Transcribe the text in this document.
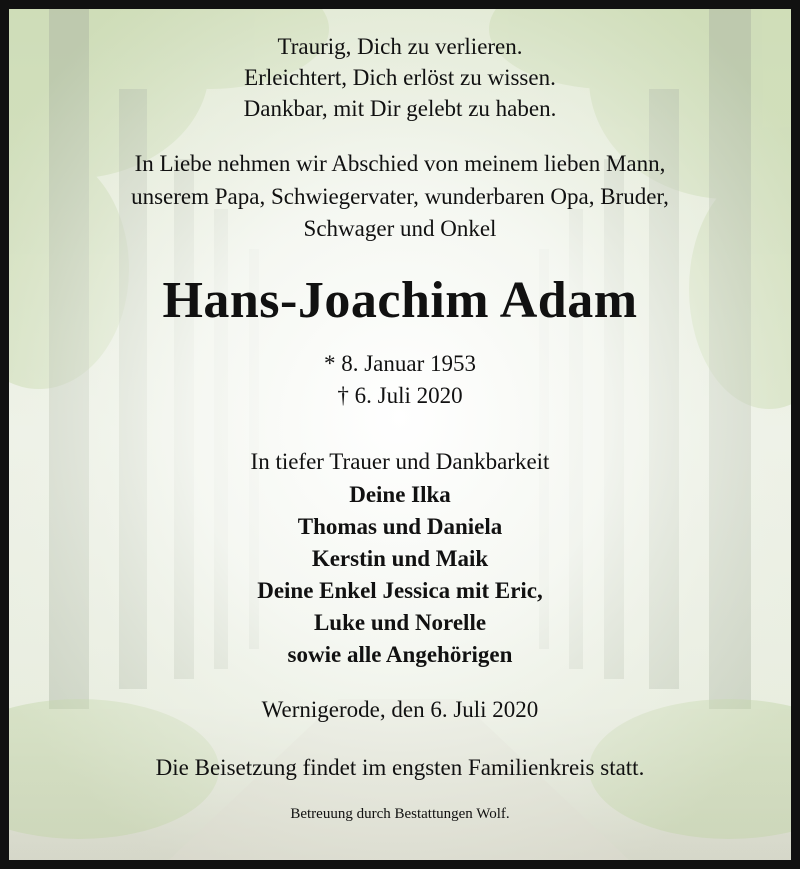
Traurig, Dich zu verlieren.
Erleichtert, Dich erlöst zu wissen.
Dankbar, mit Dir gelebt zu haben.
In Liebe nehmen wir Abschied von meinem lieben Mann,
unserem Papa, Schwiegervater, wunderbaren Opa, Bruder,
Schwager und Onkel
Hans-Joachim Adam
* 8. Januar 1953
† 6. Juli 2020
In tiefer Trauer und Dankbarkeit
Deine Ilka
Thomas und Daniela
Kerstin und Maik
Deine Enkel Jessica mit Eric,
Luke und Norelle
sowie alle Angehörigen
Wernigerode, den 6. Juli 2020
Die Beisetzung findet im engsten Familienkreis statt.
Betreuung durch Bestattungen Wolf.
